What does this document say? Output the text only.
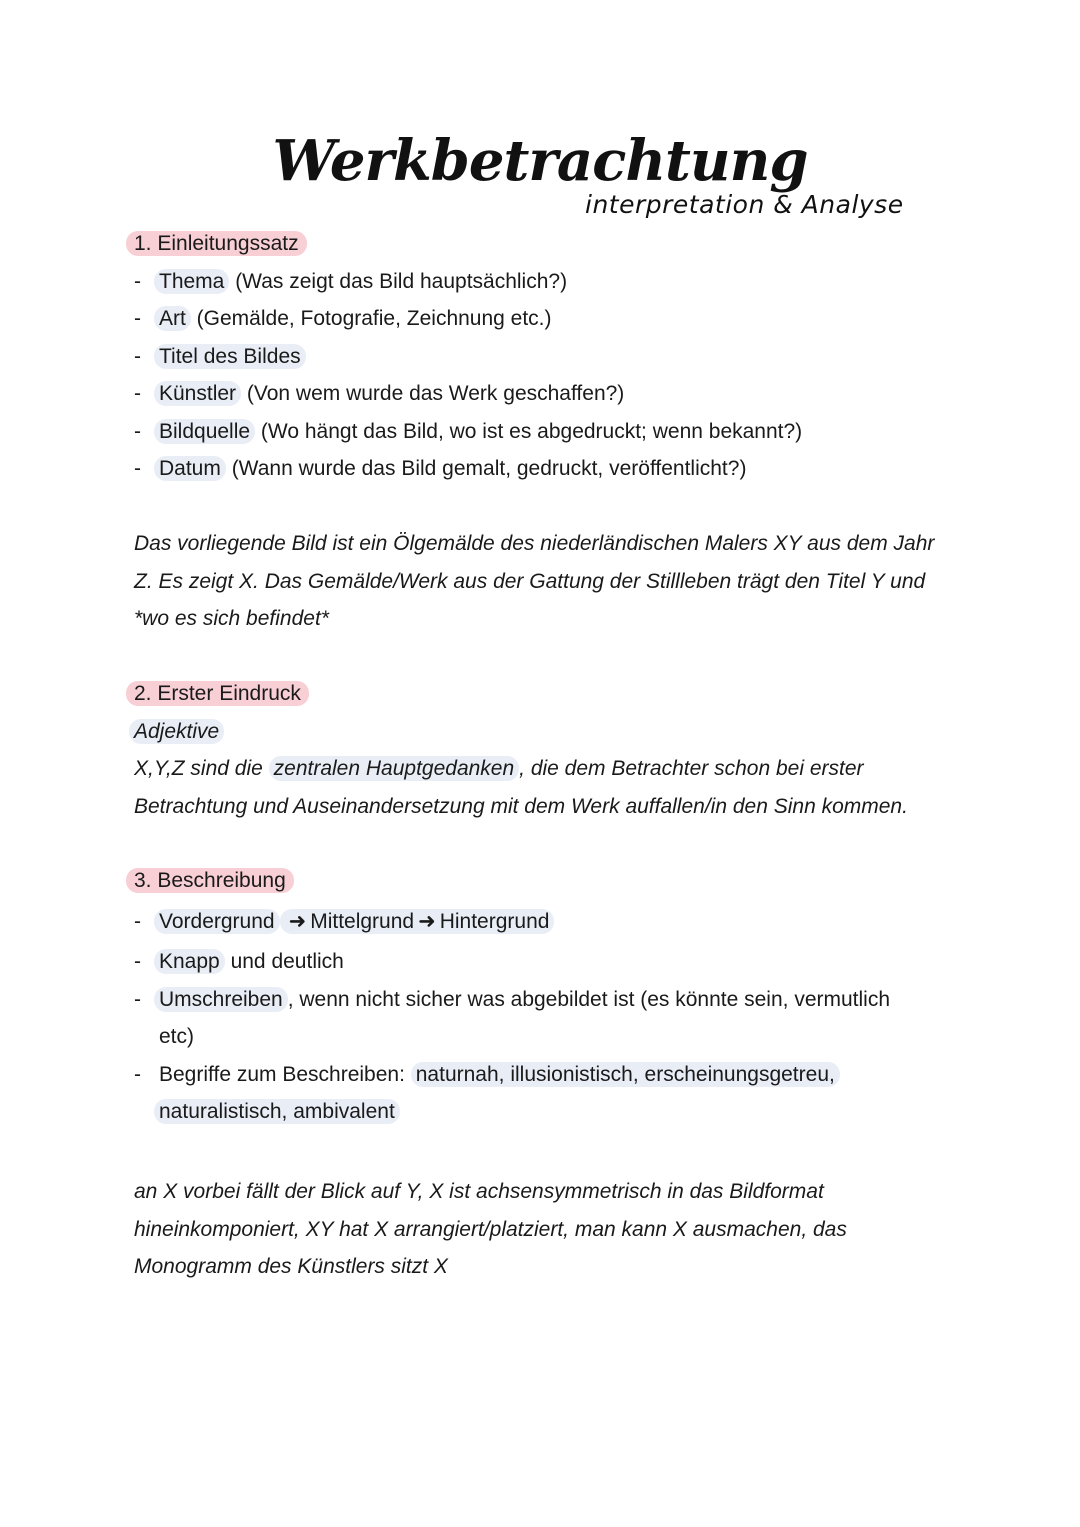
Werkbetrachtung
interpretation & Analyse
1. Einleitungssatz
- Thema (Was zeigt das Bild hauptsächlich?)
- Art (Gemälde, Fotografie, Zeichnung etc.)
- Titel des Bildes
- Künstler (Von wem wurde das Werk geschaffen?)
- Bildquelle (Wo hängt das Bild, wo ist es abgedruckt; wenn bekannt?)
- Datum (Wann wurde das Bild gemalt, gedruckt, veröffentlicht?)
Das vorliegende Bild ist ein Ölgemälde des niederländischen Malers XY aus dem Jahr Z. Es zeigt X. Das Gemälde/Werk aus der Gattung der Stillleben trägt den Titel Y und *wo es sich befindet*
2. Erster Eindruck
Adjektive
X,Y,Z sind die zentralen Hauptgedanken , die dem Betrachter schon bei erster Betrachtung und Auseinandersetzung mit dem Werk auffallen/in den Sinn kommen.
3. Beschreibung
- Vordergrund ➜ Mittelgrund ➜ Hintergrund
- Knapp und deutlich
- Umschreiben , wenn nicht sicher was abgebildet ist (es könnte sein, vermutlich etc)
- Begriffe zum Beschreiben: naturnah, illusionistisch, erscheinungsgetreu,
naturalistisch, ambivalent
an X vorbei fällt der Blick auf Y, X ist achsensymmetrisch in das Bildformat hineinkomponiert, XY hat X arrangiert/platziert, man kann X ausmachen, das Monogramm des Künstlers sitzt X
